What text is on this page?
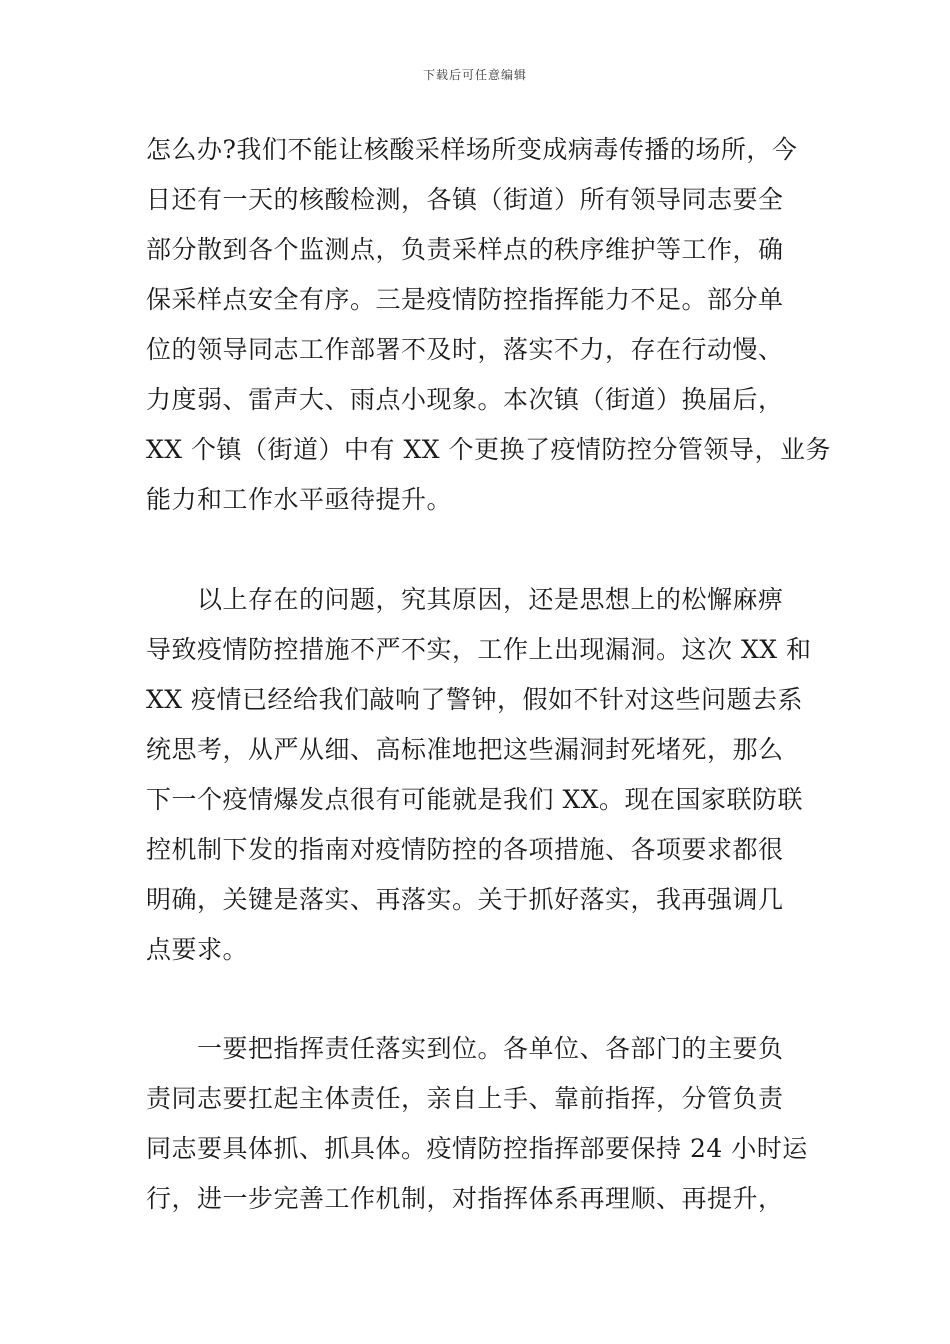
下载后可任意编辑
怎么办?我们不能让核酸采样场所变成病毒传播的场所，今
日还有一天的核酸检测，各镇（街道）所有领导同志要全
部分散到各个监测点，负责采样点的秩序维护等工作，确
保采样点安全有序。三是疫情防控指挥能力不足。部分单
位的领导同志工作部署不及时，落实不力，存在行动慢、
力度弱、雷声大、雨点小现象。本次镇（街道）换届后，
XX 个镇（街道）中有 XX 个更换了疫情防控分管领导，业务
能力和工作水平亟待提升。
　　以上存在的问题，究其原因，还是思想上的松懈麻痹
导致疫情防控措施不严不实，工作上出现漏洞。这次 XX 和
XX 疫情已经给我们敲响了警钟，假如不针对这些问题去系
统思考，从严从细、高标准地把这些漏洞封死堵死，那么
下一个疫情爆发点很有可能就是我们 XX。现在国家联防联
控机制下发的指南对疫情防控的各项措施、各项要求都很
明确，关键是落实、再落实。关于抓好落实，我再强调几
点要求。
　　一要把指挥责任落实到位。各单位、各部门的主要负
责同志要扛起主体责任，亲自上手、靠前指挥，分管负责
同志要具体抓、抓具体。疫情防控指挥部要保持 24 小时运
行，进一步完善工作机制，对指挥体系再理顺、再提升，
